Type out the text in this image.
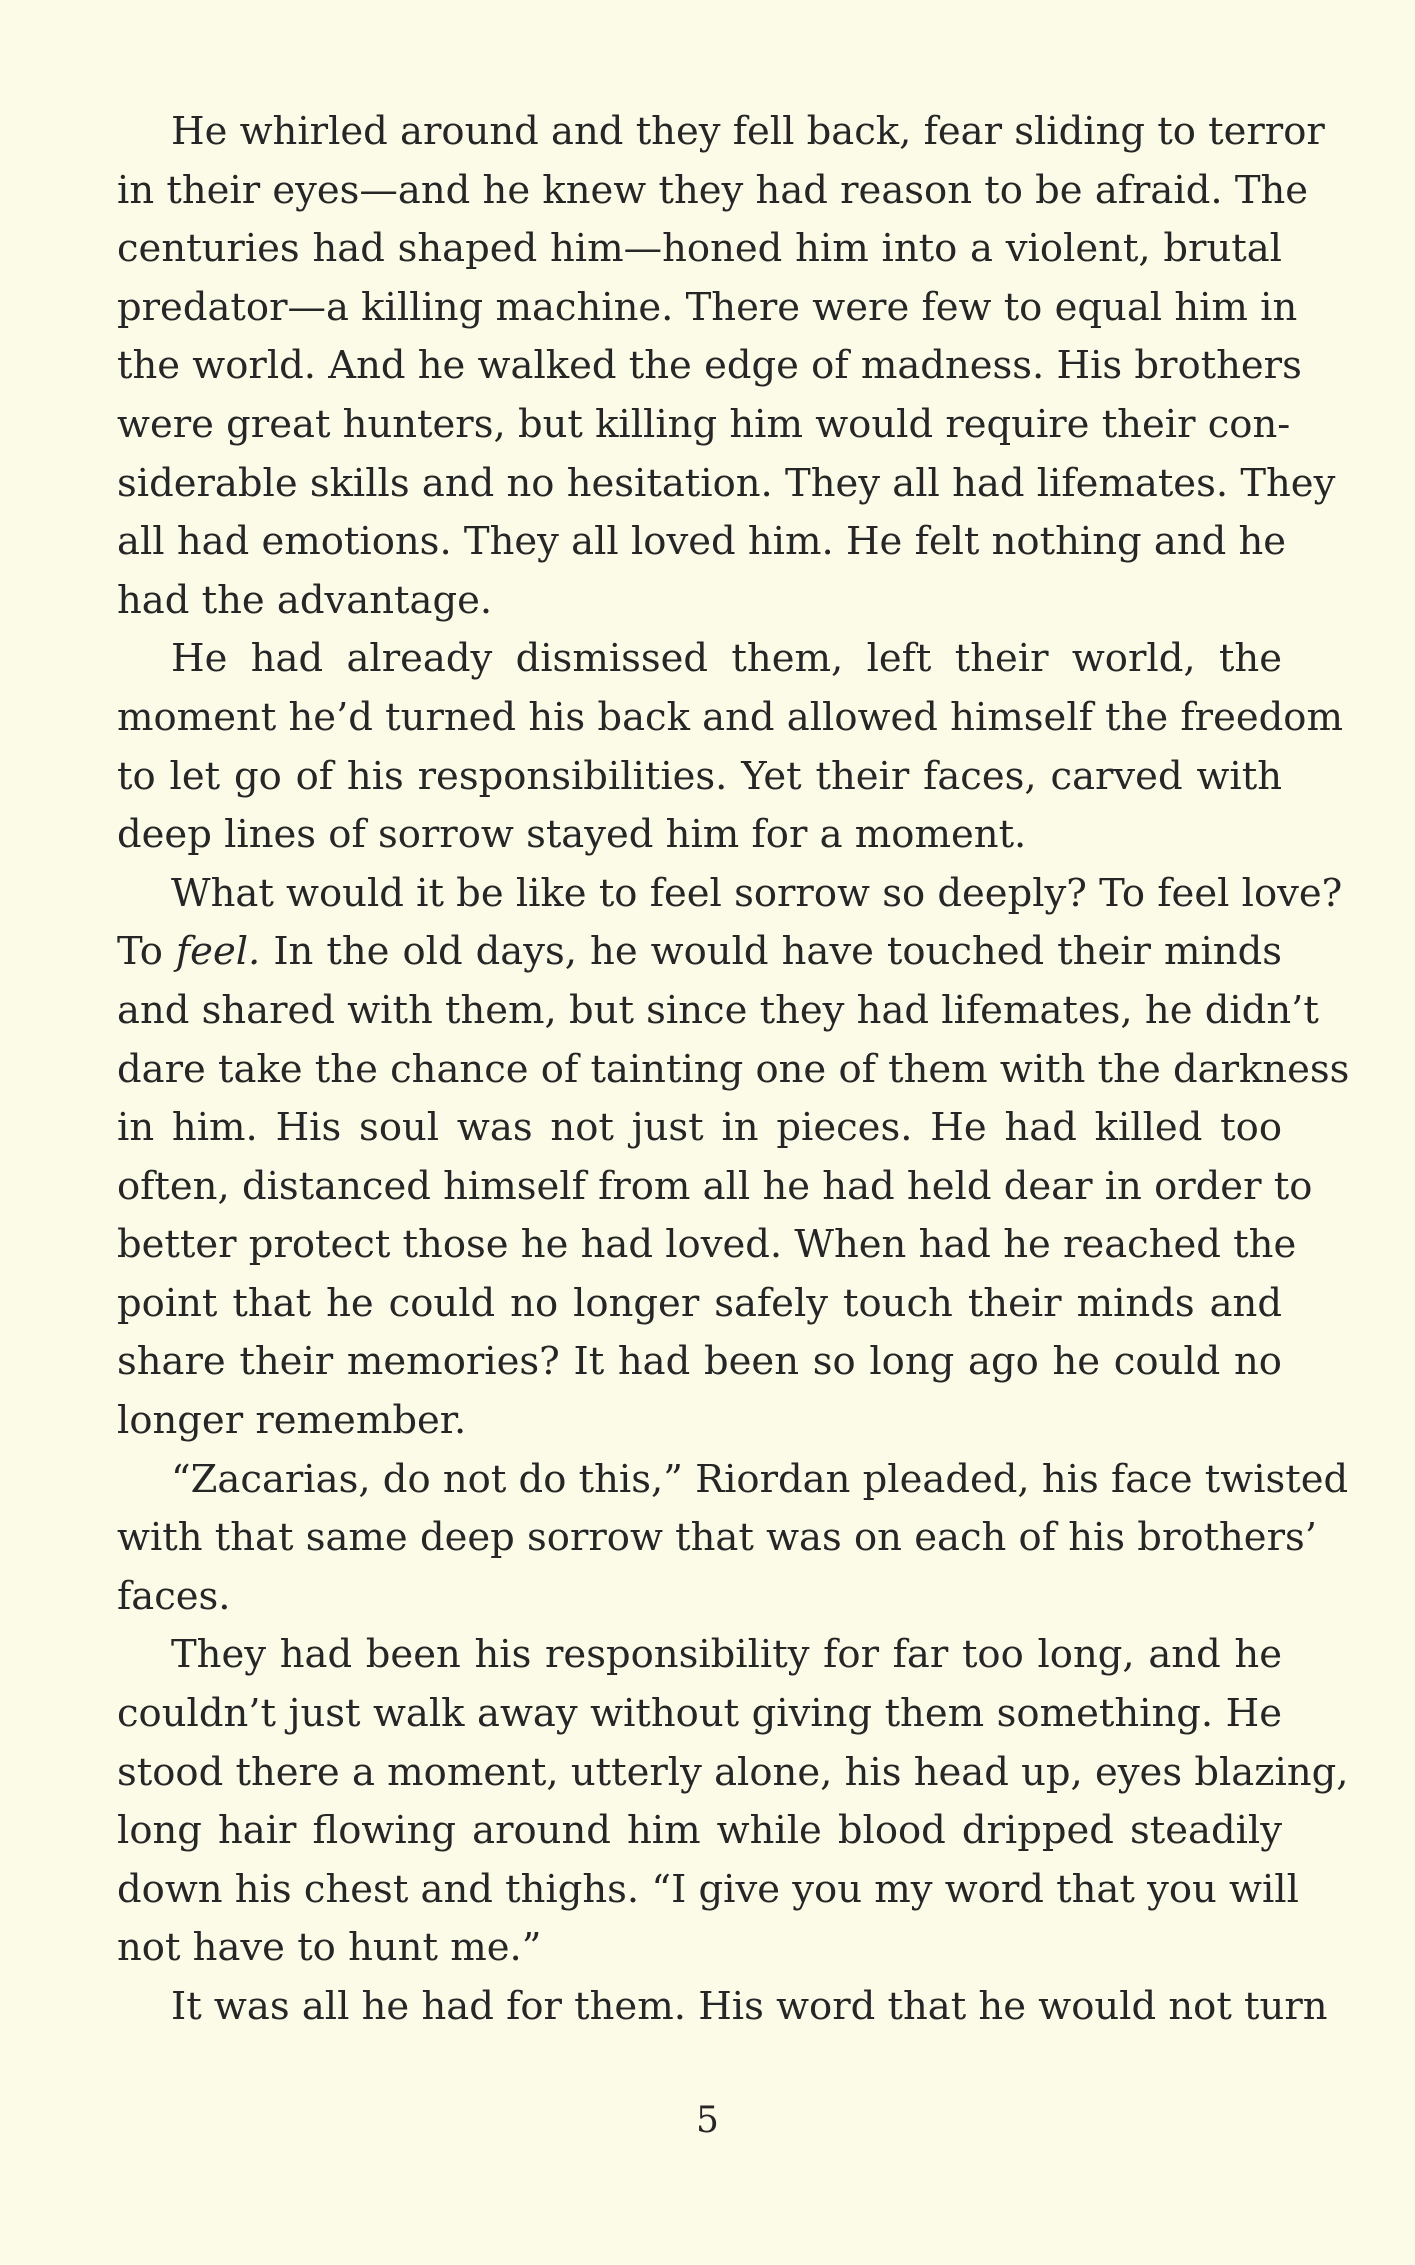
He whirled around and they fell back, fear sliding to terror
in their eyes—and he knew they had reason to be afraid. The
centuries had shaped him—honed him into a violent, brutal
predator—a killing machine. There were few to equal him in
the world. And he walked the edge of madness. His brothers
were great hunters, but killing him would require their con-
siderable skills and no hesitation. They all had lifemates. They
all had emotions. They all loved him. He felt nothing and he
had the advantage.

He had already dismissed them, left their world, the
moment he’d turned his back and allowed himself the freedom
to let go of his responsibilities. Yet their faces, carved with
deep lines of sorrow stayed him for a moment.

What would it be like to feel sorrow so deeply? To feel love?
To feel. In the old days, he would have touched their minds
and shared with them, but since they had lifemates, he didn’t
dare take the chance of tainting one of them with the darkness
in him. His soul was not just in pieces. He had killed too
often, distanced himself from all he had held dear in order to
better protect those he had loved. When had he reached the
point that he could no longer safely touch their minds and
share their memories? It had been so long ago he could no
longer remember.

“Zacarias, do not do this,” Riordan pleaded, his face twisted
with that same deep sorrow that was on each of his brothers’
faces.

They had been his responsibility for far too long, and he
couldn’t just walk away without giving them something. He
stood there a moment, utterly alone, his head up, eyes blazing,
long hair flowing around him while blood dripped steadily
down his chest and thighs. “I give you my word that you will
not have to hunt me.”

It was all he had for them. His word that he would not turn

5
